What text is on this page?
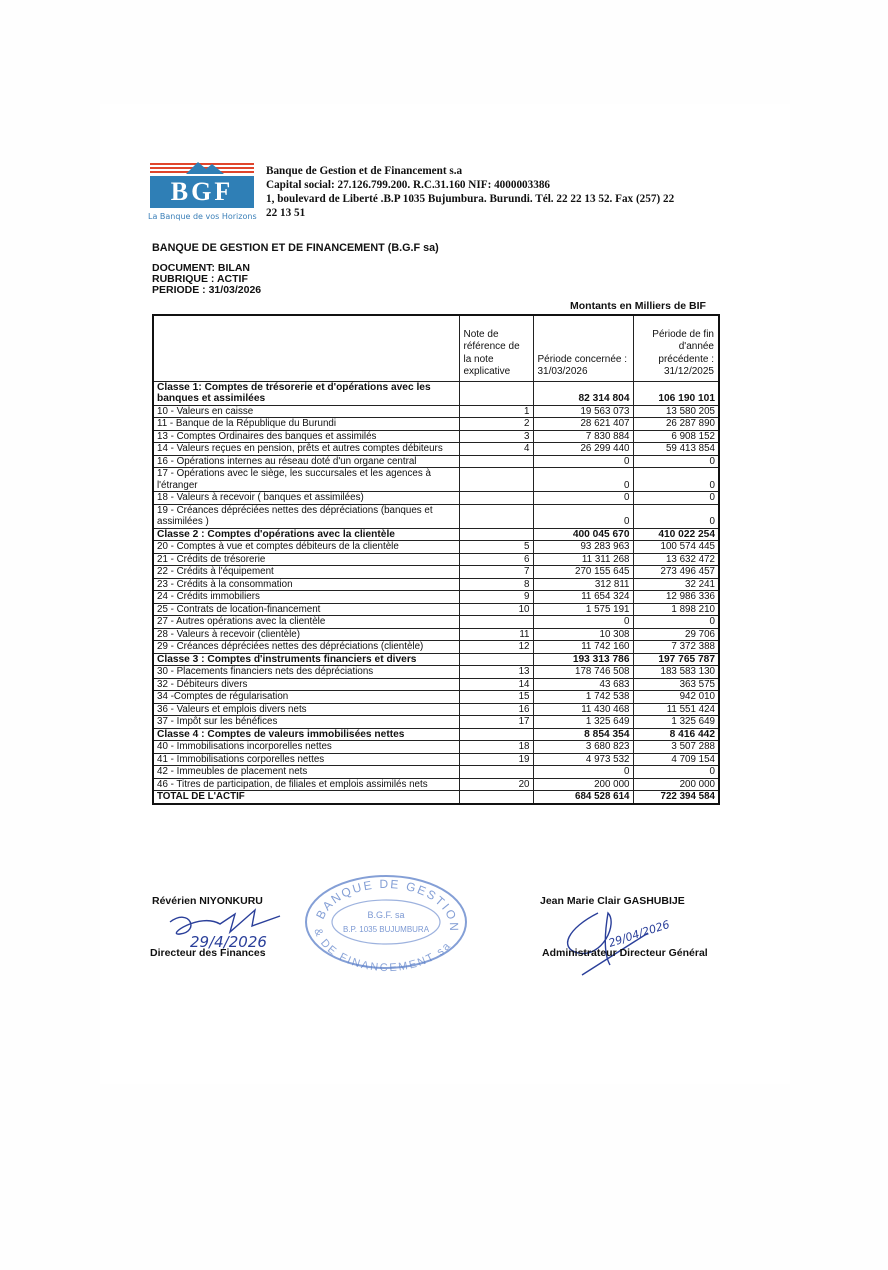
BGF
La Banque de vos Horizons
Banque de Gestion et de Financement s.a
Capital social: 27.126.799.200. R.C.31.160 NIF: 4000003386
1, boulevard de Liberté .B.P 1035 Bujumbura. Burundi. Tél. 22 22 13 52. Fax (257) 22
22 13 51
BANQUE DE GESTION ET DE FINANCEMENT (B.G.F sa)
DOCUMENT: BILAN
RUBRIQUE : ACTIF
PERIODE : 31/03/2026
Montants en Milliers de BIF
	Note de référence de la note explicative	Période concernée : 31/03/2026	Période de fin d'année précédente : 31/12/2025
Classe 1: Comptes de trésorerie et d'opérations avec les banques et assimilées		82 314 804	106 190 101
10 - Valeurs en caisse	1	19 563 073	13 580 205
11 - Banque de la République du Burundi	2	28 621 407	26 287 890
13 - Comptes Ordinaires des banques et assimilés	3	7 830 884	6 908 152
14 - Valeurs reçues en pension, prêts et autres comptes débiteurs	4	26 299 440	59 413 854
16 - Opérations internes au réseau doté d'un organe central		0	0
17 - Opérations avec le siège, les succursales et les agences à l'étranger		0	0
18 - Valeurs à recevoir ( banques et assimilées)		0	0
19 - Créances dépréciées nettes des dépréciations (banques et assimilées )		0	0
Classe 2 : Comptes d'opérations avec la clientèle		400 045 670	410 022 254
20 - Comptes à vue et comptes débiteurs de la clientèle	5	93 283 963	100 574 445
21 - Crédits de trésorerie	6	11 311 268	13 632 472
22 - Crédits à l'équipement	7	270 155 645	273 496 457
23 - Crédits à la consommation	8	312 811	32 241
24 - Crédits immobiliers	9	11 654 324	12 986 336
25 - Contrats de location-financement	10	1 575 191	1 898 210
27 - Autres opérations avec la clientèle		0	0
28 - Valeurs à recevoir (clientèle)	11	10 308	29 706
29 - Créances dépréciées nettes des dépréciations (clientèle)	12	11 742 160	7 372 388
Classe 3 : Comptes d'instruments financiers et divers		193 313 786	197 765 787
30 - Placements financiers nets des dépréciations	13	178 746 508	183 583 130
32 - Débiteurs divers	14	43 683	363 575
34 -Comptes de régularisation	15	1 742 538	942 010
36 - Valeurs et emplois divers nets	16	11 430 468	11 551 424
37 - Impôt sur les bénéfices	17	1 325 649	1 325 649
Classe 4 : Comptes de valeurs immobilisées nettes		8 854 354	8 416 442
40 - Immobilisations incorporelles nettes	18	3 680 823	3 507 288
41 - Immobilisations corporelles nettes	19	4 973 532	4 709 154
42 - Immeubles de placement nets		0	0
46 - Titres de participation, de filiales et emplois assimilés nets	20	200 000	200 000
TOTAL DE L'ACTIF		684 528 614	722 394 584
BANQUE DE GESTION
B.G.F. sa
B.P. 1035 BUJUMBURA
& DE FINANCEMENT sa
Révérien NIYONKURU
29/4/2026
Directeur des Finances
Jean Marie Clair GASHUBIJE
29/04/2026
Administrateur Directeur Général
